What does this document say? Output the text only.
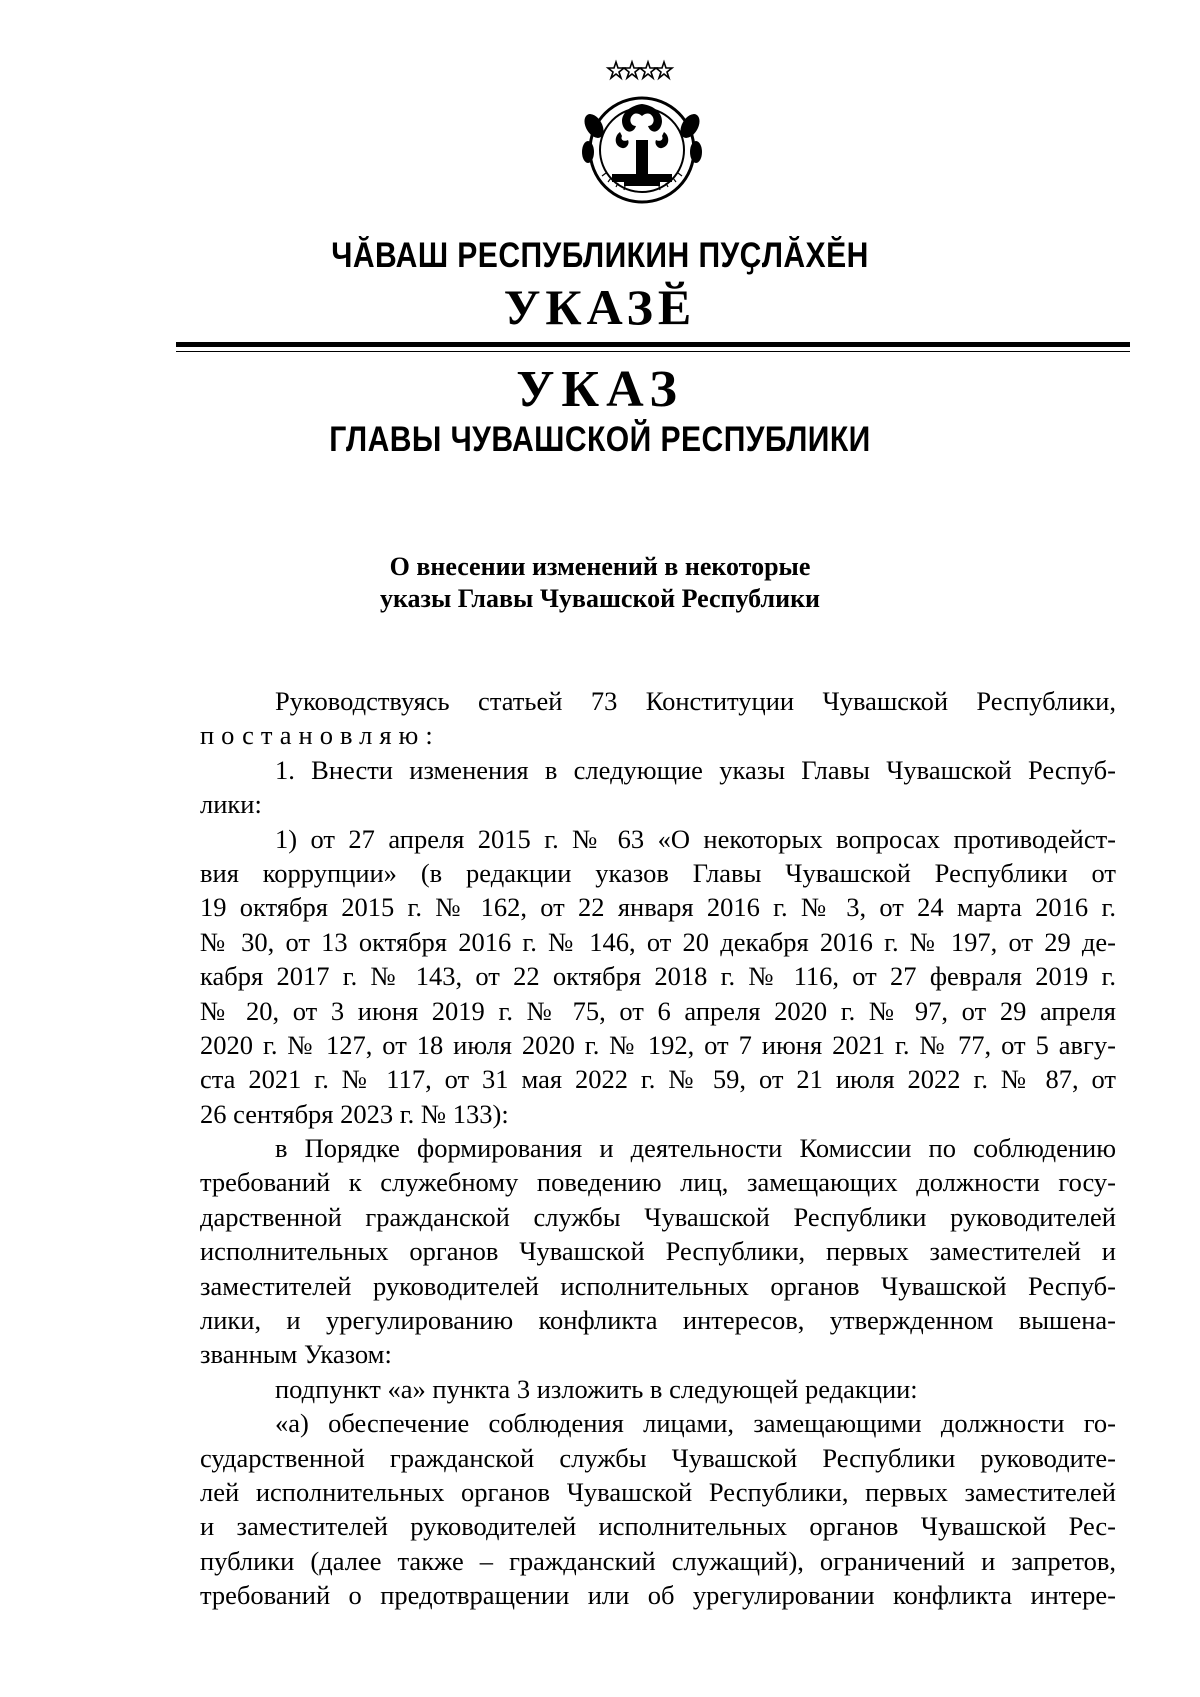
ЧӐВАШ РЕСПУБЛИКИН ПУҪЛӐХӖН
УКАЗӖ
УКАЗ
ГЛАВЫ ЧУВАШСКОЙ РЕСПУБЛИКИ
О внесении изменений в некоторые
указы Главы Чувашской Республики
Руководствуясь статьей 73 Конституции Чувашской Республики,
постановляю:
1. Внести изменения в следующие указы Главы Чувашской Респуб-
лики:
1) от 27 апреля 2015 г. № 63 «О некоторых вопросах противодейст-
вия коррупции» (в редакции указов Главы Чувашской Республики от
19 октября 2015 г. № 162, от 22 января 2016 г. № 3, от 24 марта 2016 г.
№ 30, от 13 октября 2016 г. № 146, от 20 декабря 2016 г. № 197, от 29 де-
кабря 2017 г. № 143, от 22 октября 2018 г. № 116, от 27 февраля 2019 г.
№ 20, от 3 июня 2019 г. № 75, от 6 апреля 2020 г. № 97, от 29 апреля
2020 г. № 127, от 18 июля 2020 г. № 192, от 7 июня 2021 г. № 77, от 5 авгу-
ста 2021 г. № 117, от 31 мая 2022 г. № 59, от 21 июля 2022 г. № 87, от
26 сентября 2023 г. № 133):
в Порядке формирования и деятельности Комиссии по соблюдению
требований к служебному поведению лиц, замещающих должности госу-
дарственной гражданской службы Чувашской Республики руководителей
исполнительных органов Чувашской Республики, первых заместителей и
заместителей руководителей исполнительных органов Чувашской Респуб-
лики, и урегулированию конфликта интересов, утвержденном вышена-
званным Указом:
подпункт «а» пункта 3 изложить в следующей редакции:
«а) обеспечение соблюдения лицами, замещающими должности го-
сударственной гражданской службы Чувашской Республики руководите-
лей исполнительных органов Чувашской Республики, первых заместителей
и заместителей руководителей исполнительных органов Чувашской Рес-
публики (далее также – гражданский служащий), ограничений и запретов,
требований о предотвращении или об урегулировании конфликта интере-
